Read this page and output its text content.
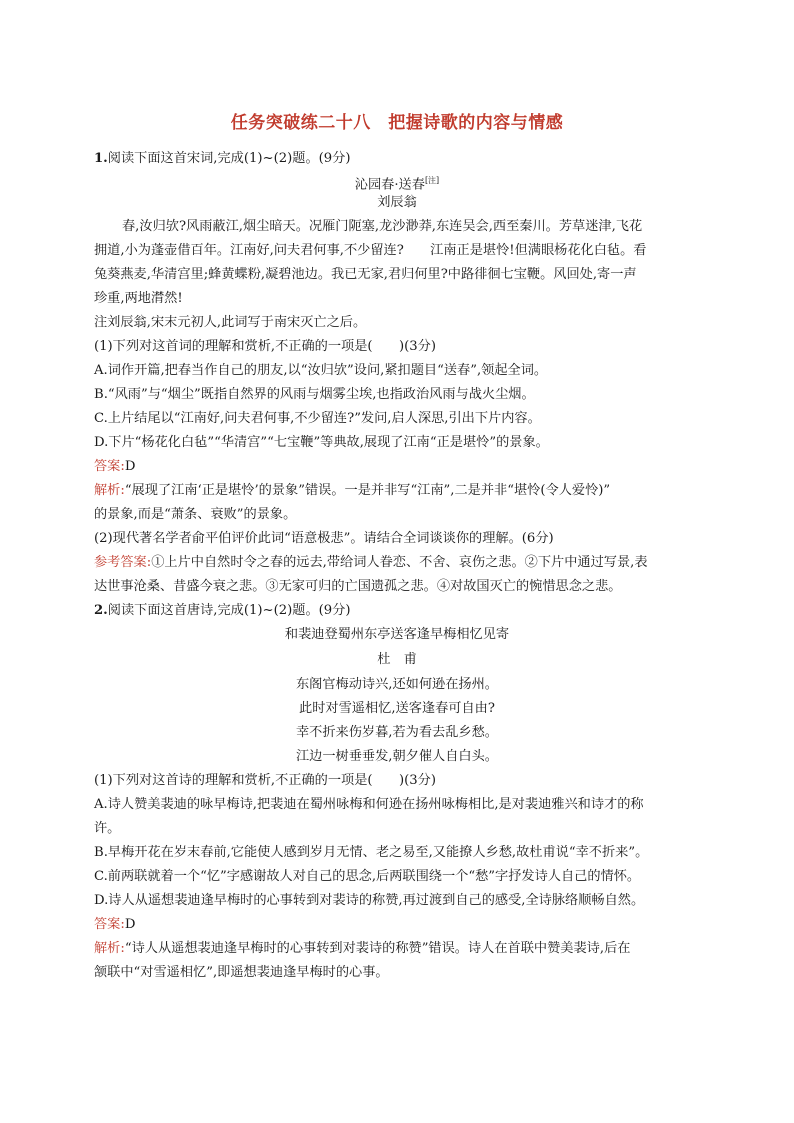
任务突破练二十八　把握诗歌的内容与情感
1.阅读下面这首宋词,完成(1)~(2)题。(9分)
沁园春·送春[注]
刘辰翁
春,汝归欤?风雨蔽江,烟尘暗天。况雁门阨塞,龙沙渺莽,东连吴会,西至秦川。芳草迷津,飞花
拥道,小为蓬壶借百年。江南好,问夫君何事,不少留连?　　江南正是堪怜!但满眼杨花化白毡。看
兔葵燕麦,华清宫里;蜂黄蝶粉,凝碧池边。我已无家,君归何里?中路徘徊七宝鞭。风回处,寄一声
珍重,两地潸然!
注刘辰翁,宋末元初人,此词写于南宋灭亡之后。
(1)下列对这首词的理解和赏析,不正确的一项是(　　)(3分)
A.词作开篇,把春当作自己的朋友,以“汝归欤”设问,紧扣题目“送春”,领起全词。
B.“风雨”与“烟尘”既指自然界的风雨与烟雾尘埃,也指政治风雨与战火尘烟。
C.上片结尾以“江南好,问夫君何事,不少留连?”发问,启人深思,引出下片内容。
D.下片“杨花化白毡”“华清宫”“七宝鞭”等典故,展现了江南“正是堪怜”的景象。
答案:D
解析:“展现了江南‘正是堪怜’的景象”错误。一是并非写“江南”,二是并非“堪怜(令人爱怜)”
的景象,而是“萧条、衰败”的景象。
(2)现代著名学者俞平伯评价此词“语意极悲”。请结合全词谈谈你的理解。(6分)
参考答案:①上片中自然时令之春的远去,带给词人眷恋、不舍、哀伤之悲。②下片中通过写景,表
达世事沧桑、昔盛今衰之悲。③无家可归的亡国遗孤之悲。④对故国灭亡的惋惜思念之悲。
2.阅读下面这首唐诗,完成(1)~(2)题。(9分)
和裴迪登蜀州东亭送客逢早梅相忆见寄
杜　甫
东阁官梅动诗兴,还如何逊在扬州。
此时对雪遥相忆,送客逢春可自由?
幸不折来伤岁暮,若为看去乱乡愁。
江边一树垂垂发,朝夕催人自白头。
(1)下列对这首诗的理解和赏析,不正确的一项是(　　)(3分)
A.诗人赞美裴迪的咏早梅诗,把裴迪在蜀州咏梅和何逊在扬州咏梅相比,是对裴迪雅兴和诗才的称
许。
B.早梅开花在岁末春前,它能使人感到岁月无情、老之易至,又能撩人乡愁,故杜甫说“幸不折来”。
C.前两联就着一个“忆”字感谢故人对自己的思念,后两联围绕一个“愁”字抒发诗人自己的情怀。
D.诗人从遥想裴迪逢早梅时的心事转到对裴诗的称赞,再过渡到自己的感受,全诗脉络顺畅自然。
答案:D
解析:“诗人从遥想裴迪逢早梅时的心事转到对裴诗的称赞”错误。诗人在首联中赞美裴诗,后在
颔联中“对雪遥相忆”,即遥想裴迪逢早梅时的心事。
